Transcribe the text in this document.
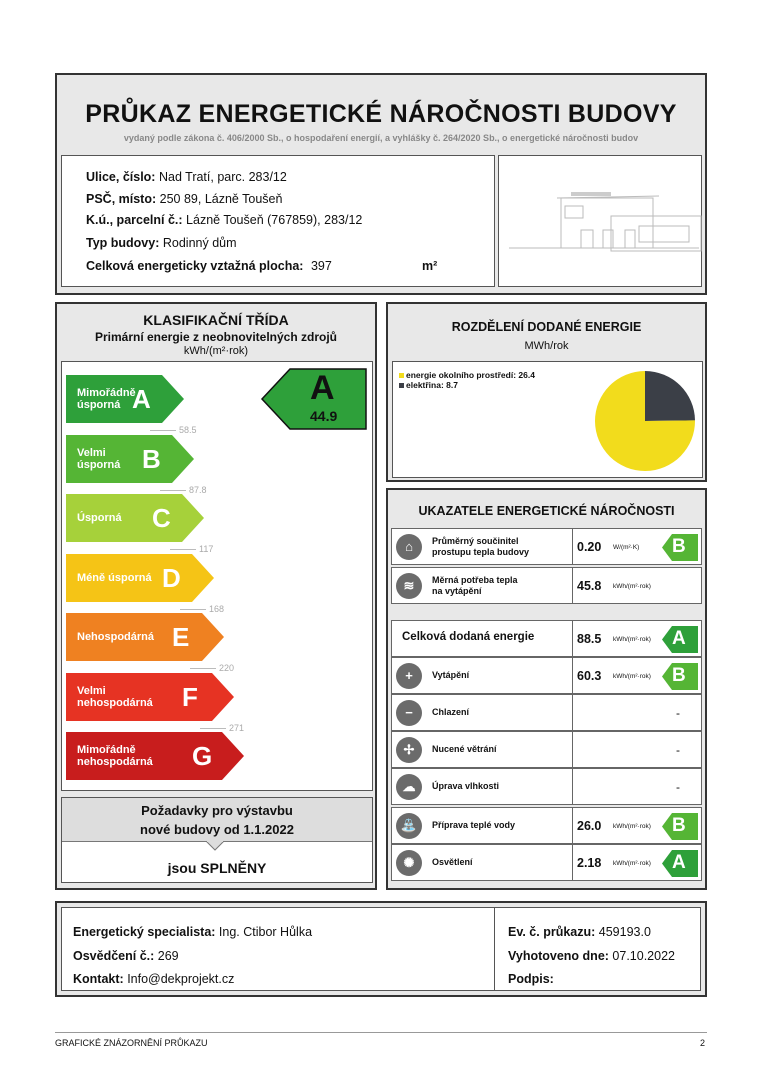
PRŮKAZ ENERGETICKÉ NÁROČNOSTI BUDOVY
vydaný podle zákona č. 406/2000 Sb., o hospodaření energií, a vyhlášky č. 264/2020 Sb., o energetické náročnosti budov
Ulice, číslo: Nad Tratí, parc. 283/12
PSČ, místo: 250 89, Lázně Toušeň
K.ú., parcelní č.: Lázně Toušeň (767859), 283/12
Typ budovy: Rodinný dům
Celková energeticky vztažná plocha: 397	m²
KLASIFIKAČNÍ TŘÍDA
Primární energie z neobnovitelných zdrojů
kWh/(m²·rok)
Mimořádně
úsporná A
58.5
Velmi
úsporná B
87.8
Úsporná C
117
Méně úsporná D
168
Nehospodárná E
220
Velmi
nehospodárná F
271
Mimořádně
nehospodárná G
A
44.9
Požadavky pro výstavbu
nové budovy od 1.1.2022
jsou SPLNĚNY
ROZDĚLENÍ DODANÉ ENERGIE
MWh/rok
energie okolního prostředí: 26.4
elektřina: 8.7
UKAZATELE ENERGETICKÉ NÁROČNOSTI
⌂	Průměrný součinitel
prostupu tepla budovy	0.20 W/(m²·K) B
≋	Měrná potřeba tepla
na vytápění	45.8 kWh/(m²·rok)
Celková dodaná energie	88.5 kWh/(m²·rok) A
+	Vytápění	60.3 kWh/(m²·rok) B
−	Chlazení	-
✢	Nucené větrání	-
☁	Úprava vlhkosti	-
⛲	Příprava teplé vody	26.0 kWh/(m²·rok) B
✺	Osvětlení	2.18 kWh/(m²·rok) A
Energetický specialista: Ing. Ctibor Hůlka
Osvědčení č.: 269
Kontakt: Info@dekprojekt.cz
Ev. č. průkazu: 459193.0
Vyhotoveno dne: 07.10.2022
Podpis:
GRAFICKÉ ZNÁZORNĚNÍ PRŮKAZU	2
